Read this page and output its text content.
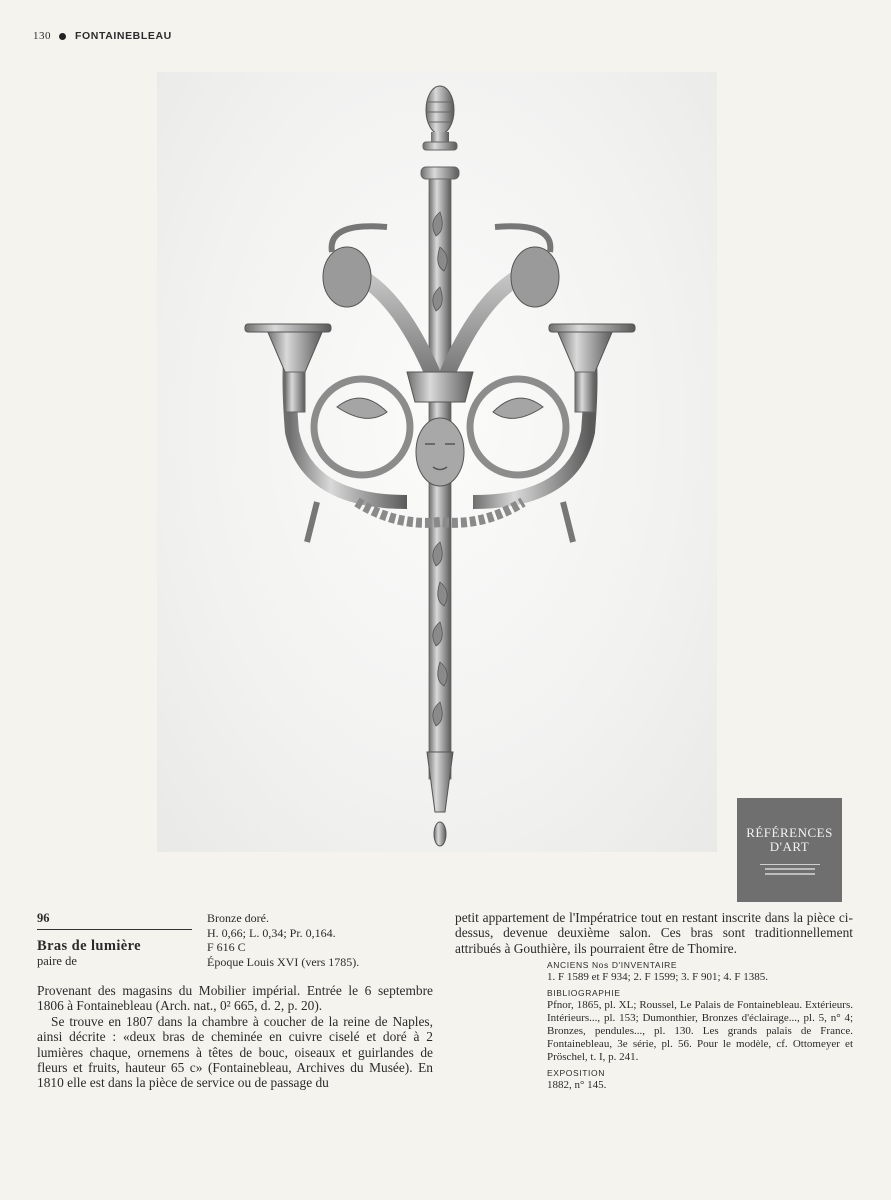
130 FONTAINEBLEAU
RÉFÉRENCES
D'ART
96
Bras de lumière
paire de
Bronze doré.
H. 0,66; L. 0,34; Pr. 0,164.
F 616 C
Époque Louis XVI (vers 1785).

Provenant des magasins du Mobilier impérial. Entrée le 6 septembre 1806 à Fontainebleau (Arch. nat., 0² 665, d. 2, p. 20).

Se trouve en 1807 dans la chambre à coucher de la reine de Naples, ainsi décrite : «deux bras de cheminée en cuivre ciselé et doré à 2 lumières chaque, ornemens à têtes de bouc, oiseaux et guirlandes de fleurs et fruits, hauteur 65 c» (Fontainebleau, Archives du Musée). En 1810 elle est dans la pièce de service ou de passage du

petit appartement de l'Impératrice tout en restant inscrite dans la pièce ci-dessus, devenue deuxième salon. Ces bras sont traditionnellement attribués à Gouthière, ils pourraient être de Thomire.

ANCIENS Nos D'INVENTAIRE
1. F 1589 et F 934; 2. F 1599; 3. F 901; 4. F 1385.
BIBLIOGRAPHIE
Pfnor, 1865, pl. XL; Roussel, Le Palais de Fontainebleau. Extérieurs. Intérieurs..., pl. 153; Dumonthier, Bronzes d'éclairage..., pl. 5, n° 4; Bronzes, pendules..., pl. 130. Les grands palais de France. Fontainebleau, 3e série, pl. 56. Pour le modèle, cf. Ottomeyer et Pröschel, t. I, p. 241.
EXPOSITION
1882, n° 145.
